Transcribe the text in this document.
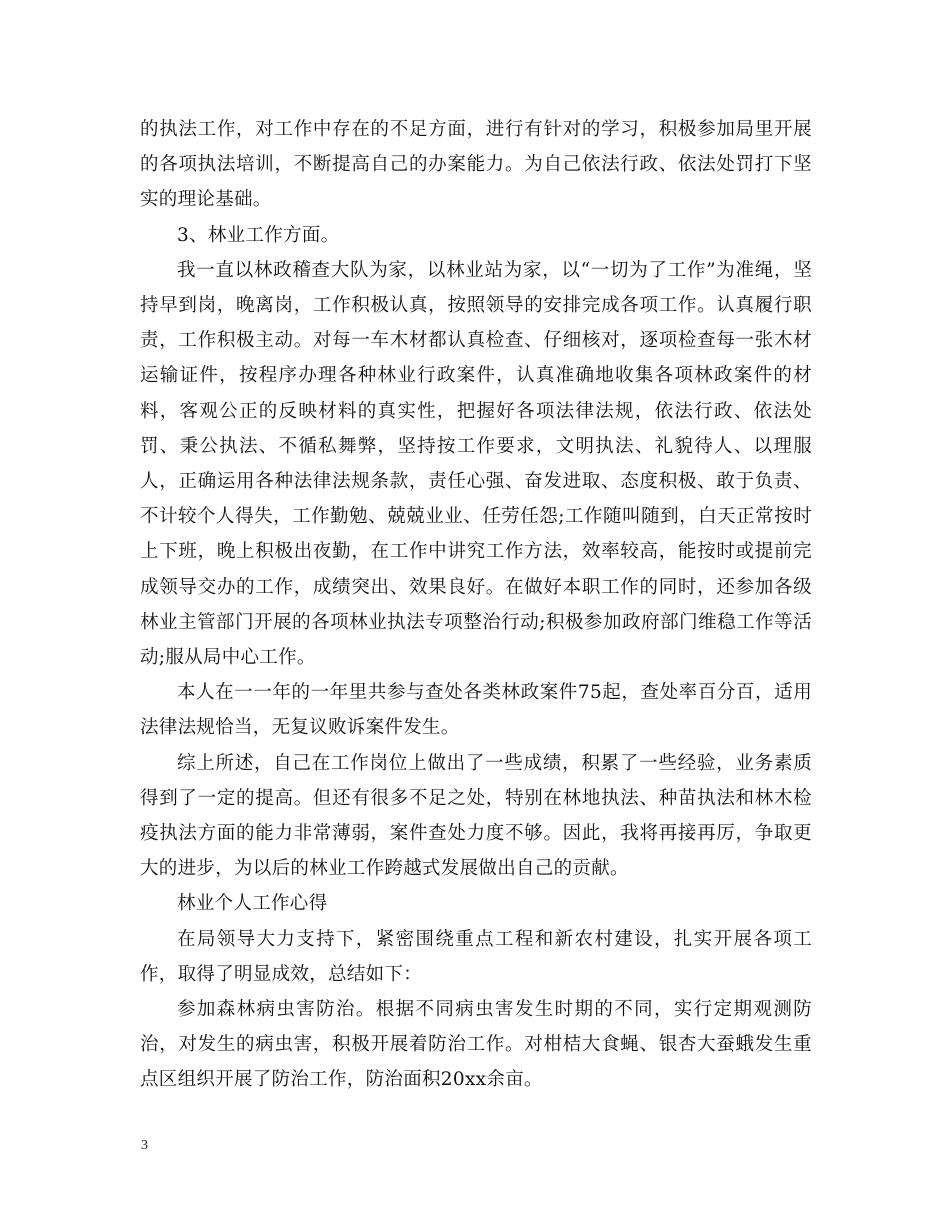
的执法工作，对工作中存在的不足方面，进行有针对的学习，积极参加局里开展的各项执法培训，不断提高自己的办案能力。为自己依法行政、依法处罚打下坚实的理论基础。

3、林业工作方面。

我一直以林政稽查大队为家，以林业站为家，以“一切为了工作”为准绳，坚持早到岗，晚离岗，工作积极认真，按照领导的安排完成各项工作。认真履行职责，工作积极主动。对每一车木材都认真检查、仔细核对，逐项检查每一张木材运输证件，按程序办理各种林业行政案件，认真准确地收集各项林政案件的材料，客观公正的反映材料的真实性，把握好各项法律法规，依法行政、依法处罚、秉公执法、不循私舞弊，坚持按工作要求，文明执法、礼貌待人、以理服人，正确运用各种法律法规条款，责任心强、奋发进取、态度积极、敢于负责、不计较个人得失，工作勤勉、兢兢业业、任劳任怨;工作随叫随到，白天正常按时上下班，晚上积极出夜勤，在工作中讲究工作方法，效率较高，能按时或提前完成领导交办的工作，成绩突出、效果良好。在做好本职工作的同时，还参加各级林业主管部门开展的各项林业执法专项整治行动;积极参加政府部门维稳工作等活动;服从局中心工作。

本人在一一年的一年里共参与查处各类林政案件75起，查处率百分百，适用法律法规恰当，无复议败诉案件发生。

综上所述，自己在工作岗位上做出了一些成绩，积累了一些经验，业务素质得到了一定的提高。但还有很多不足之处，特别在林地执法、种苗执法和林木检疫执法方面的能力非常薄弱，案件查处力度不够。因此，我将再接再厉，争取更大的进步，为以后的林业工作跨越式发展做出自己的贡献。

林业个人工作心得

在局领导大力支持下，紧密围绕重点工程和新农村建设，扎实开展各项工作，取得了明显成效，总结如下：

参加森林病虫害防治。根据不同病虫害发生时期的不同，实行定期观测防治，对发生的病虫害，积极开展着防治工作。对柑桔大食蝇、银杏大蚕蛾发生重点区组织开展了防治工作，防治面积20xx余亩。

3
